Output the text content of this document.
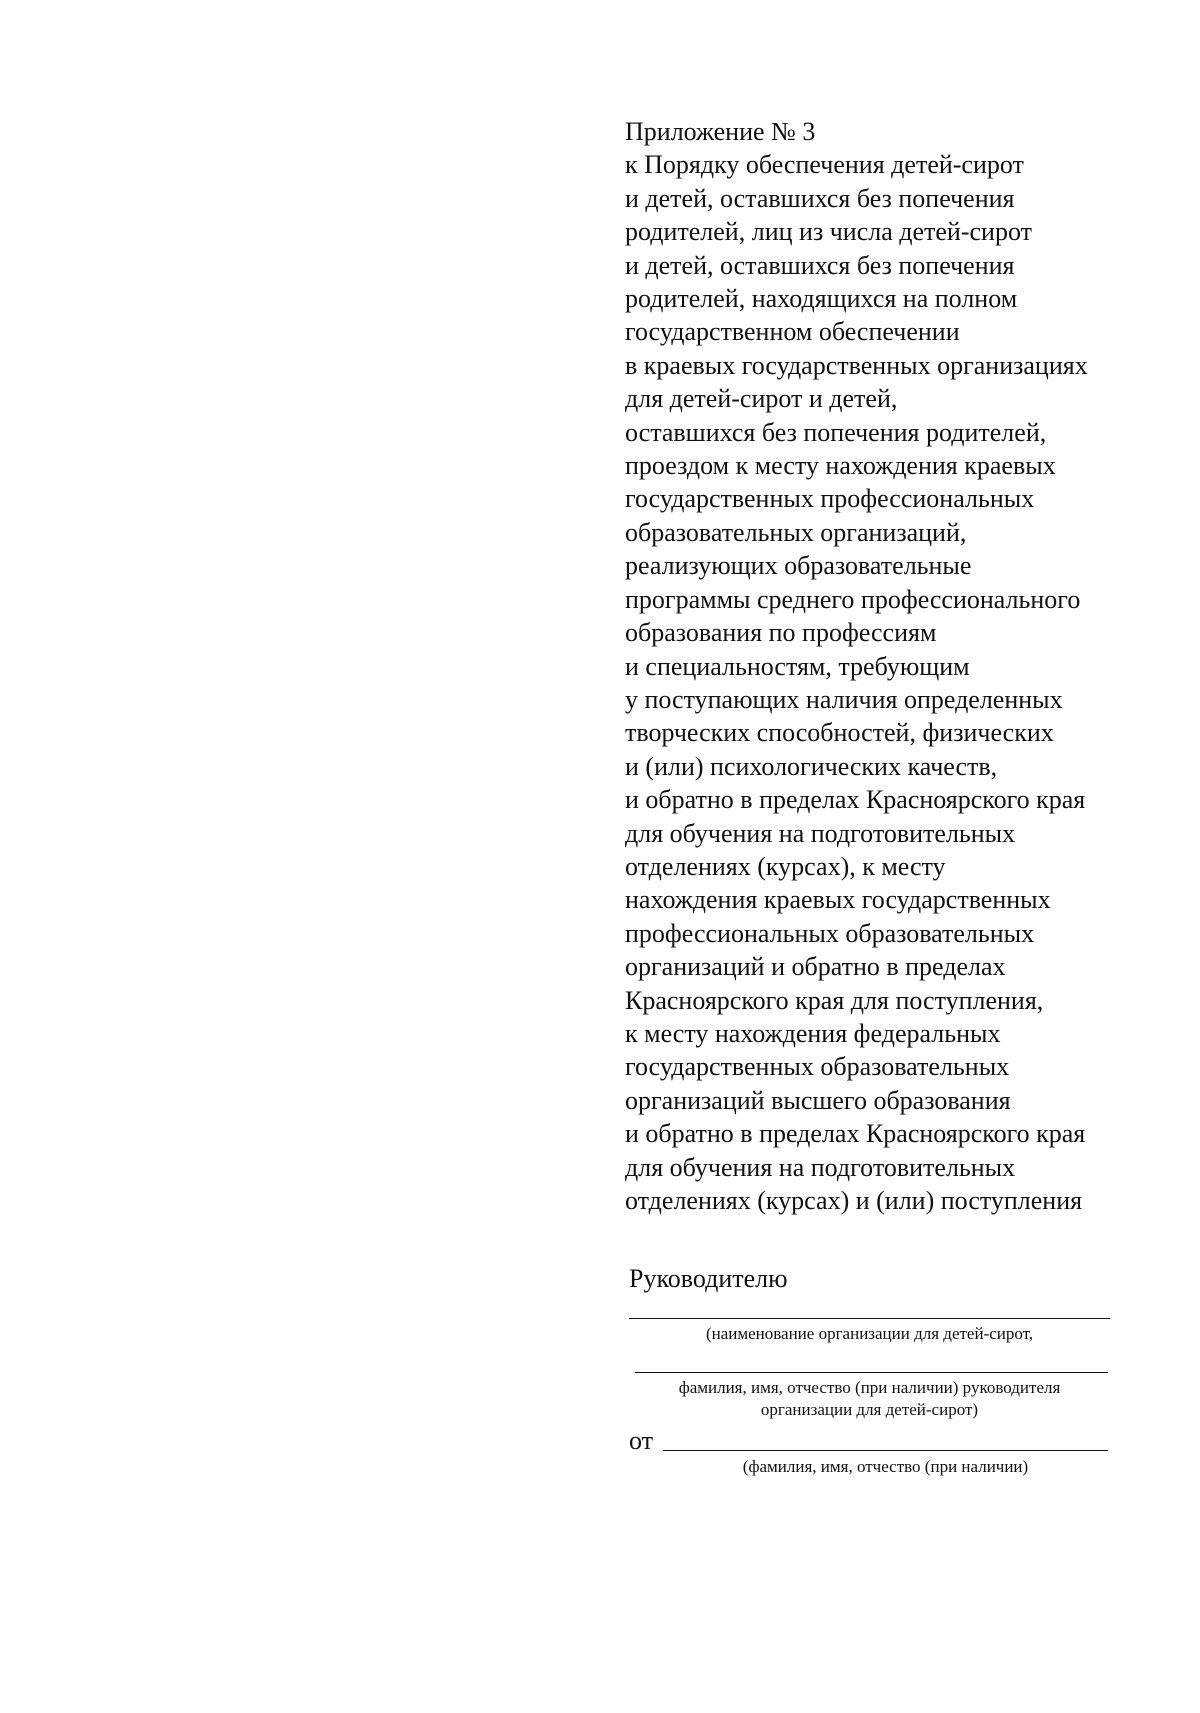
Приложение № 3
к Порядку обеспечения детей-сирот
и детей, оставшихся без попечения
родителей, лиц из числа детей-сирот
и детей, оставшихся без попечения
родителей, находящихся на полном
государственном обеспечении
в краевых государственных организациях
для детей-сирот и детей,
оставшихся без попечения родителей,
проездом к месту нахождения краевых
государственных профессиональных
образовательных организаций,
реализующих образовательные
программы среднего профессионального
образования по профессиям
и специальностям, требующим
у поступающих наличия определенных
творческих способностей, физических
и (или) психологических качеств,
и обратно в пределах Красноярского края
для обучения на подготовительных
отделениях (курсах), к месту
нахождения краевых государственных
профессиональных образовательных
организаций и обратно в пределах
Красноярского края для поступления,
к месту нахождения федеральных
государственных образовательных
организаций высшего образования
и обратно в пределах Красноярского края
для обучения на подготовительных
отделениях (курсах) и (или) поступления
Руководителю
(наименование организации для детей-сирот,
фамилия, имя, отчество (при наличии) руководителя
организации для детей-сирот)
от
(фамилия, имя, отчество (при наличии)
